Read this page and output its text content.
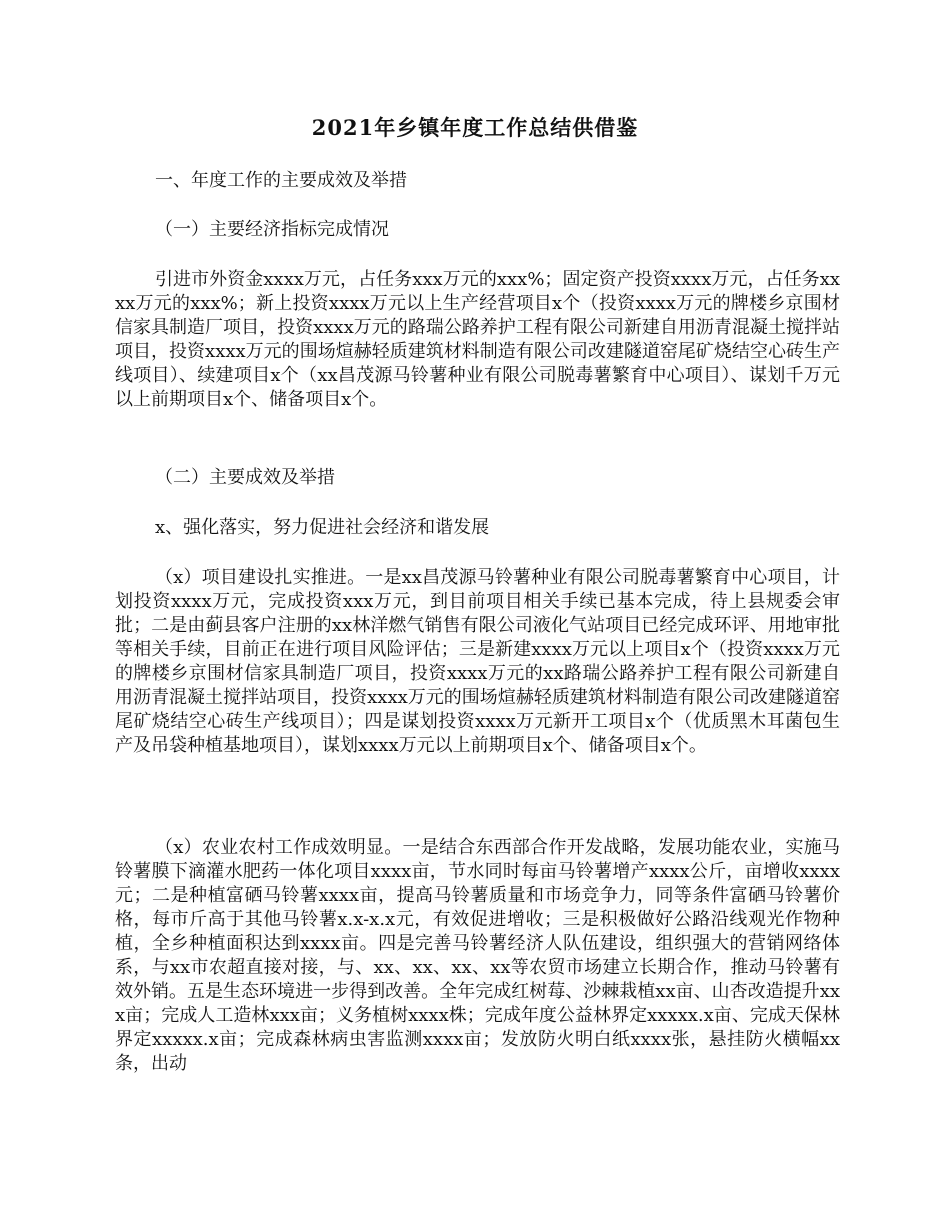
2021年乡镇年度工作总结供借鉴

一、年度工作的主要成效及举措

（一）主要经济指标完成情况

引进市外资金xxxx万元，占任务xxx万元的xxx%；固定资产投资xxxx万元，占任务xxxx万元的xxx%；新上投资xxxx万元以上生产经营项目x个（投资xxxx万元的牌楼乡京围材信家具制造厂项目，投资xxxx万元的路瑞公路养护工程有限公司新建自用沥青混凝土搅拌站项目，投资xxxx万元的围场煊赫轻质建筑材料制造有限公司改建隧道窑尾矿烧结空心砖生产线项目）、续建项目x个（xx昌茂源马铃薯种业有限公司脱毒薯繁育中心项目）、谋划千万元以上前期项目x个、储备项目x个。

（二）主要成效及举措

x、强化落实，努力促进社会经济和谐发展

（x）项目建设扎实推进。一是xx昌茂源马铃薯种业有限公司脱毒薯繁育中心项目，计划投资xxxx万元，完成投资xxx万元，到目前项目相关手续已基本完成，待上县规委会审批；二是由蓟县客户注册的xx林洋燃气销售有限公司液化气站项目已经完成环评、用地审批等相关手续，目前正在进行项目风险评估；三是新建xxxx万元以上项目x个（投资xxxx万元的牌楼乡京围材信家具制造厂项目，投资xxxx万元的xx路瑞公路养护工程有限公司新建自用沥青混凝土搅拌站项目，投资xxxx万元的围场煊赫轻质建筑材料制造有限公司改建隧道窑尾矿烧结空心砖生产线项目）；四是谋划投资xxxx万元新开工项目x个（优质黑木耳菌包生产及吊袋种植基地项目），谋划xxxx万元以上前期项目x个、储备项目x个。

（x）农业农村工作成效明显。一是结合东西部合作开发战略，发展功能农业，实施马铃薯膜下滴灌水肥药一体化项目xxxx亩，节水同时每亩马铃薯增产xxxx公斤，亩增收xxxx元；二是种植富硒马铃薯xxxx亩，提高马铃薯质量和市场竞争力，同等条件富硒马铃薯价格，每市斤高于其他马铃薯x.x-x.x元，有效促进增收；三是积极做好公路沿线观光作物种植，全乡种植面积达到xxxx亩。四是完善马铃薯经济人队伍建设，组织强大的营销网络体系，与xx市农超直接对接，与、xx、xx、xx、xx等农贸市场建立长期合作，推动马铃薯有效外销。五是生态环境进一步得到改善。全年完成红树莓、沙棘栽植xx亩、山杏改造提升xxx亩；完成人工造林xxx亩；义务植树xxxx株；完成年度公益林界定xxxxx.x亩、完成天保林界定xxxxx.x亩；完成森林病虫害监测xxxx亩；发放防火明白纸xxxx张，悬挂防火横幅xx条，出动
